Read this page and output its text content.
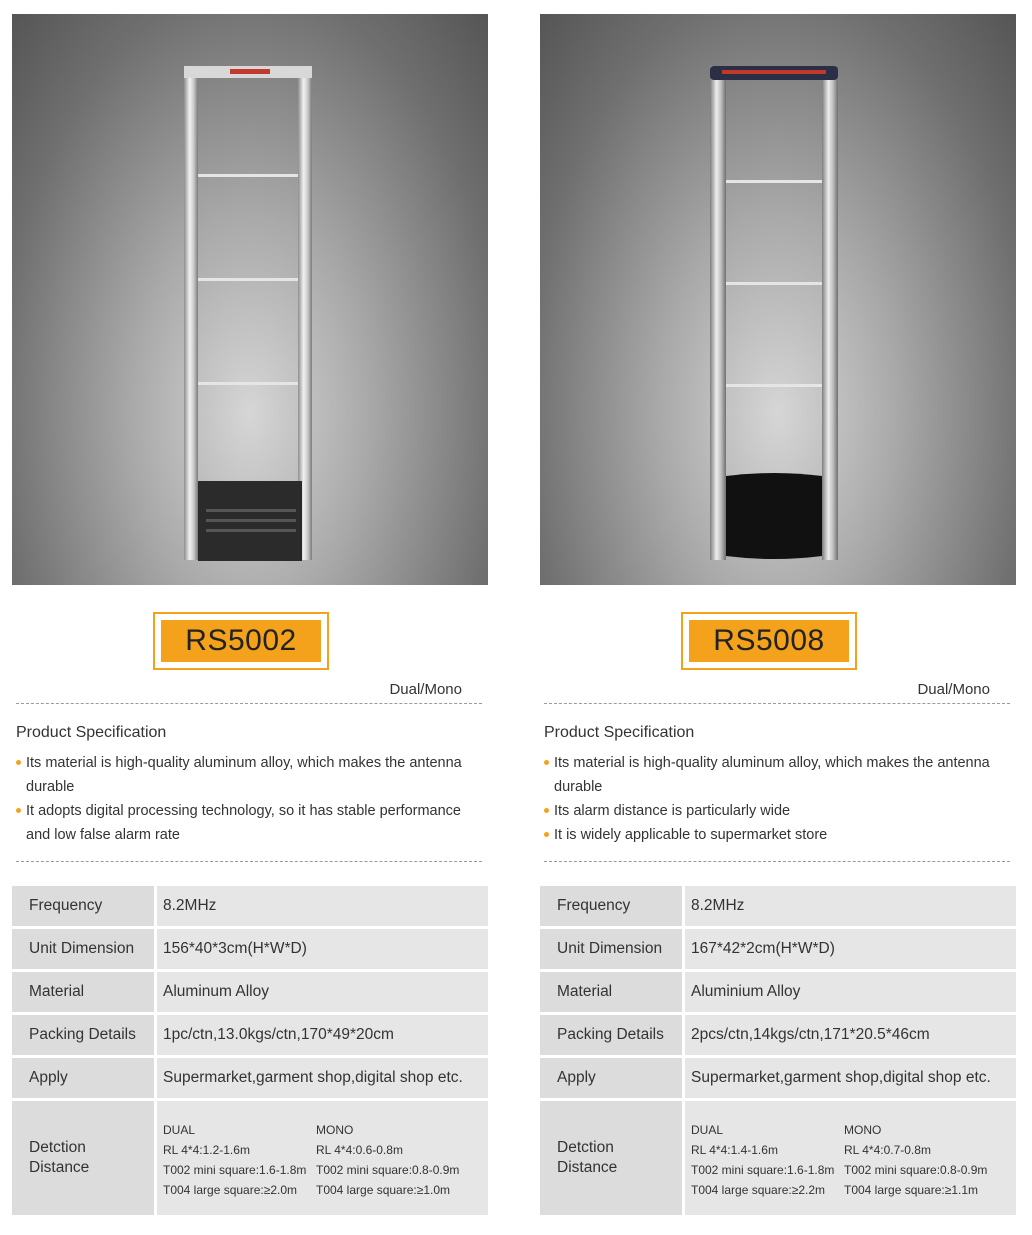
RS5002
Dual/Mono
Product Specification
Its material is high-quality aluminum alloy, which makes the antenna durable
It adopts digital processing technology, so it has stable performance and low false alarm rate
Frequency	8.2MHz
Unit Dimension	156*40*3cm(H*W*D)
Material	Aluminum Alloy
Packing Details	1pc/ctn,13.0kgs/ctn,170*49*20cm
Apply	Supermarket,garment shop,digital shop etc.
Detction
Distance
DUAL	MONO
RL 4*4:1.2-1.6m	RL 4*4:0.6-0.8m
T002 mini square:1.6-1.8m T002 mini square:0.8-0.9m
T004 large square:≥2.0m	T004 large square:≥1.0m
RS5008
Dual/Mono
Product Specification
Its material is high-quality aluminum alloy, which makes the antenna durable
Its alarm distance is particularly wide
It is widely applicable to supermarket store
Frequency	8.2MHz
Unit Dimension	167*42*2cm(H*W*D)
Material	Aluminium Alloy
Packing Details	2pcs/ctn,14kgs/ctn,171*20.5*46cm
Apply	Supermarket,garment shop,digital shop etc.
Detction
Distance
DUAL	MONO
RL 4*4:1.4-1.6m	RL 4*4:0.7-0.8m
T002 mini square:1.6-1.8m T002 mini square:0.8-0.9m
T004 large square:≥2.2m	T004 large square:≥1.1m
